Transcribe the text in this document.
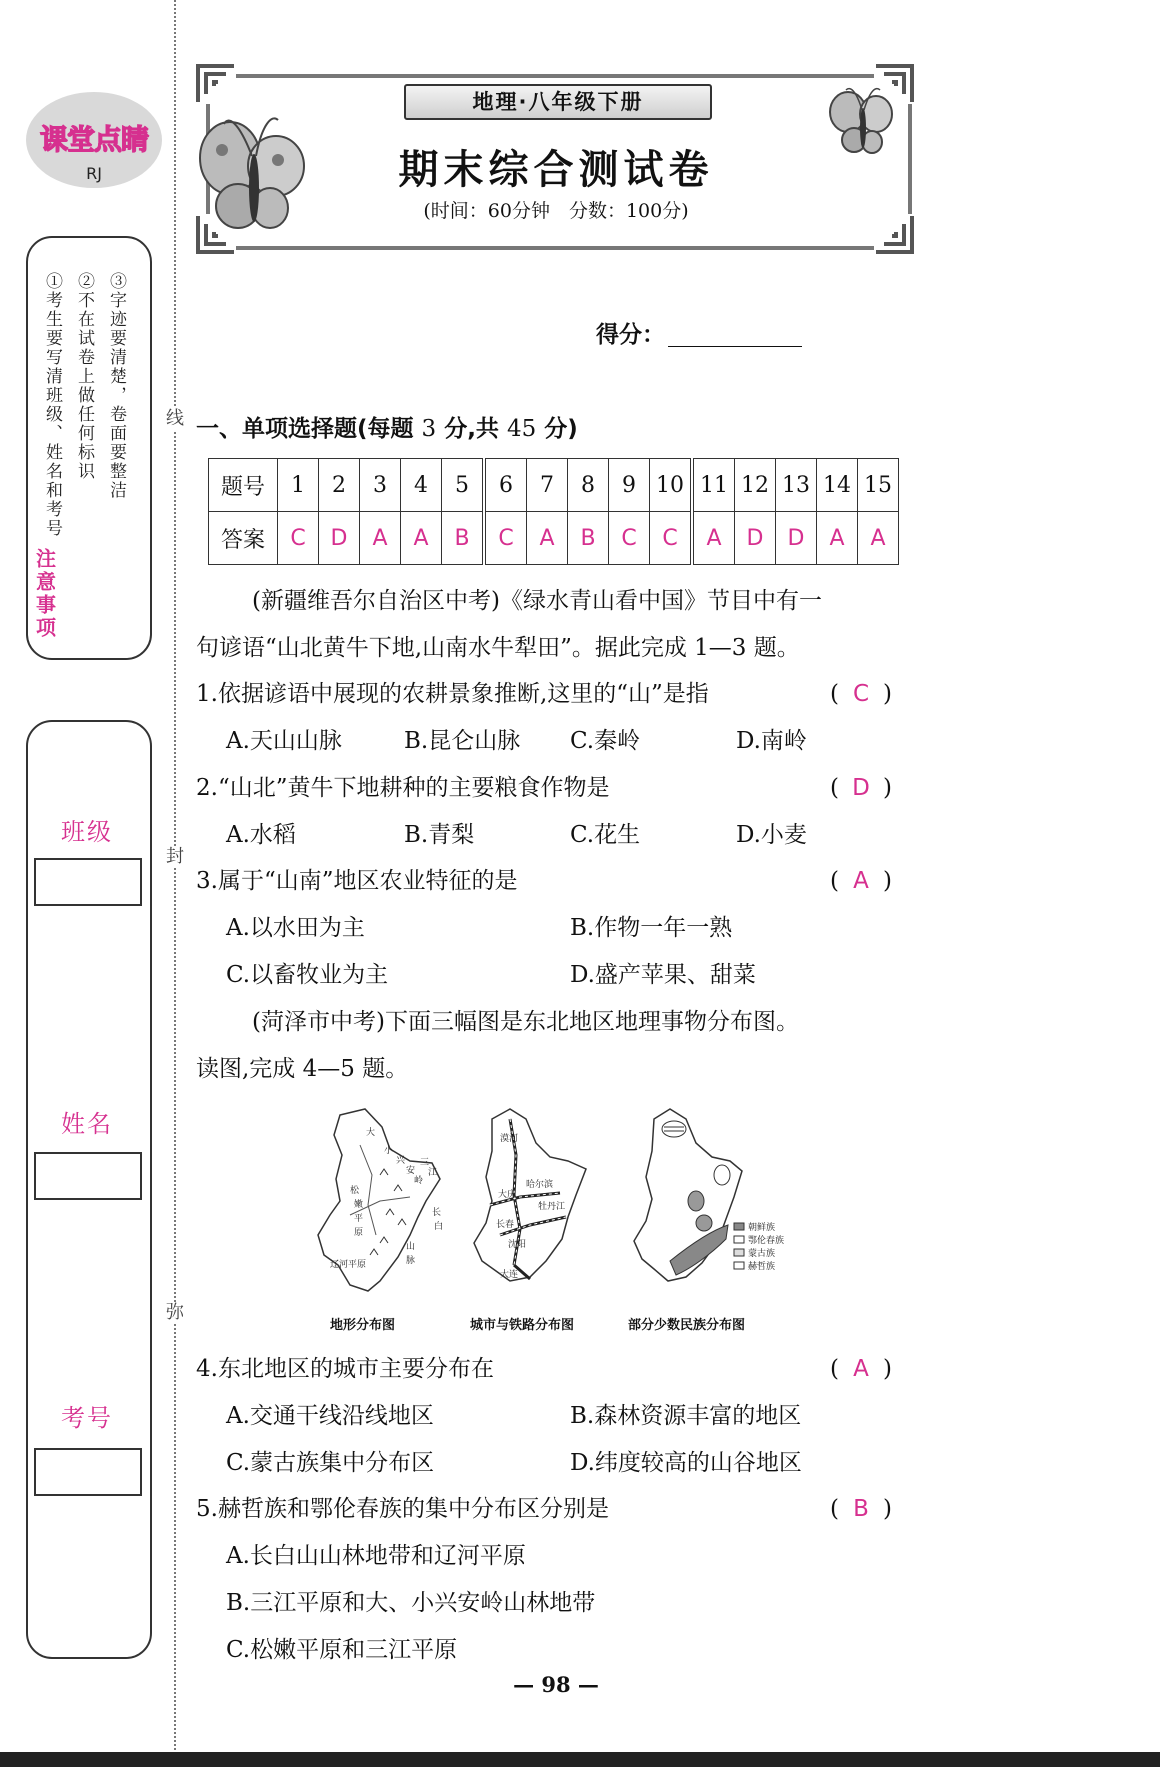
线
封
弥
课堂点睛
RJ
注意事项
①考生要写清班级、姓名和考号 ②不在试卷上做任何标识 ③字迹要清楚，卷面要整洁
班级
姓名
考号
地理·八年级下册
期末综合测试卷
(时间：60分钟　分数：100分)
得分：
一、单项选择题(每题 3 分,共 45 分)
题号	1	2	3	4	5	6	7	8	9	10	11	12	13	14	15
答案	C	D	A	A	B	C	A	B	C	C	A	D	D	A	A
(新疆维吾尔自治区中考)《绿水青山看中国》节目中有一
句谚语“山北黄牛下地,山南水牛犁田”。据此完成 1—3 题。
1.依据谚语中展现的农耕景象推断,这里的“山”是指	( C )
A.天山山脉	B.昆仑山脉 C.秦岭	D.南岭
2.“山北”黄牛下地耕种的主要粮食作物是	( D )
A.水稻	B.青梨	C.花生	D.小麦
3.属于“山南”地区农业特征的是	( A )
A.以水田为主	B.作物一年一熟
C.以畜牧业为主	D.盛产苹果、甜菜
(菏泽市中考)下面三幅图是东北地区地理事物分布图。
读图,完成 4—5 题。
松
嫩
平
原
大
小
兴
安
岭
三
江
长
白
山
脉
辽河平原
漠河
大庆
哈尔滨
牡丹江
长春
沈阳
大连
朝鲜族
鄂伦春族
蒙古族
赫哲族
地形分布图	城市与铁路分布图	部分少数民族分布图
4.东北地区的城市主要分布在	( A )
A.交通干线沿线地区	B.森林资源丰富的地区
C.蒙古族集中分布区	D.纬度较高的山谷地区
5.赫哲族和鄂伦春族的集中分布区分别是	( B )
A.长白山山林地带和辽河平原
B.三江平原和大、小兴安岭山林地带
C.松嫩平原和三江平原
— 98 —
